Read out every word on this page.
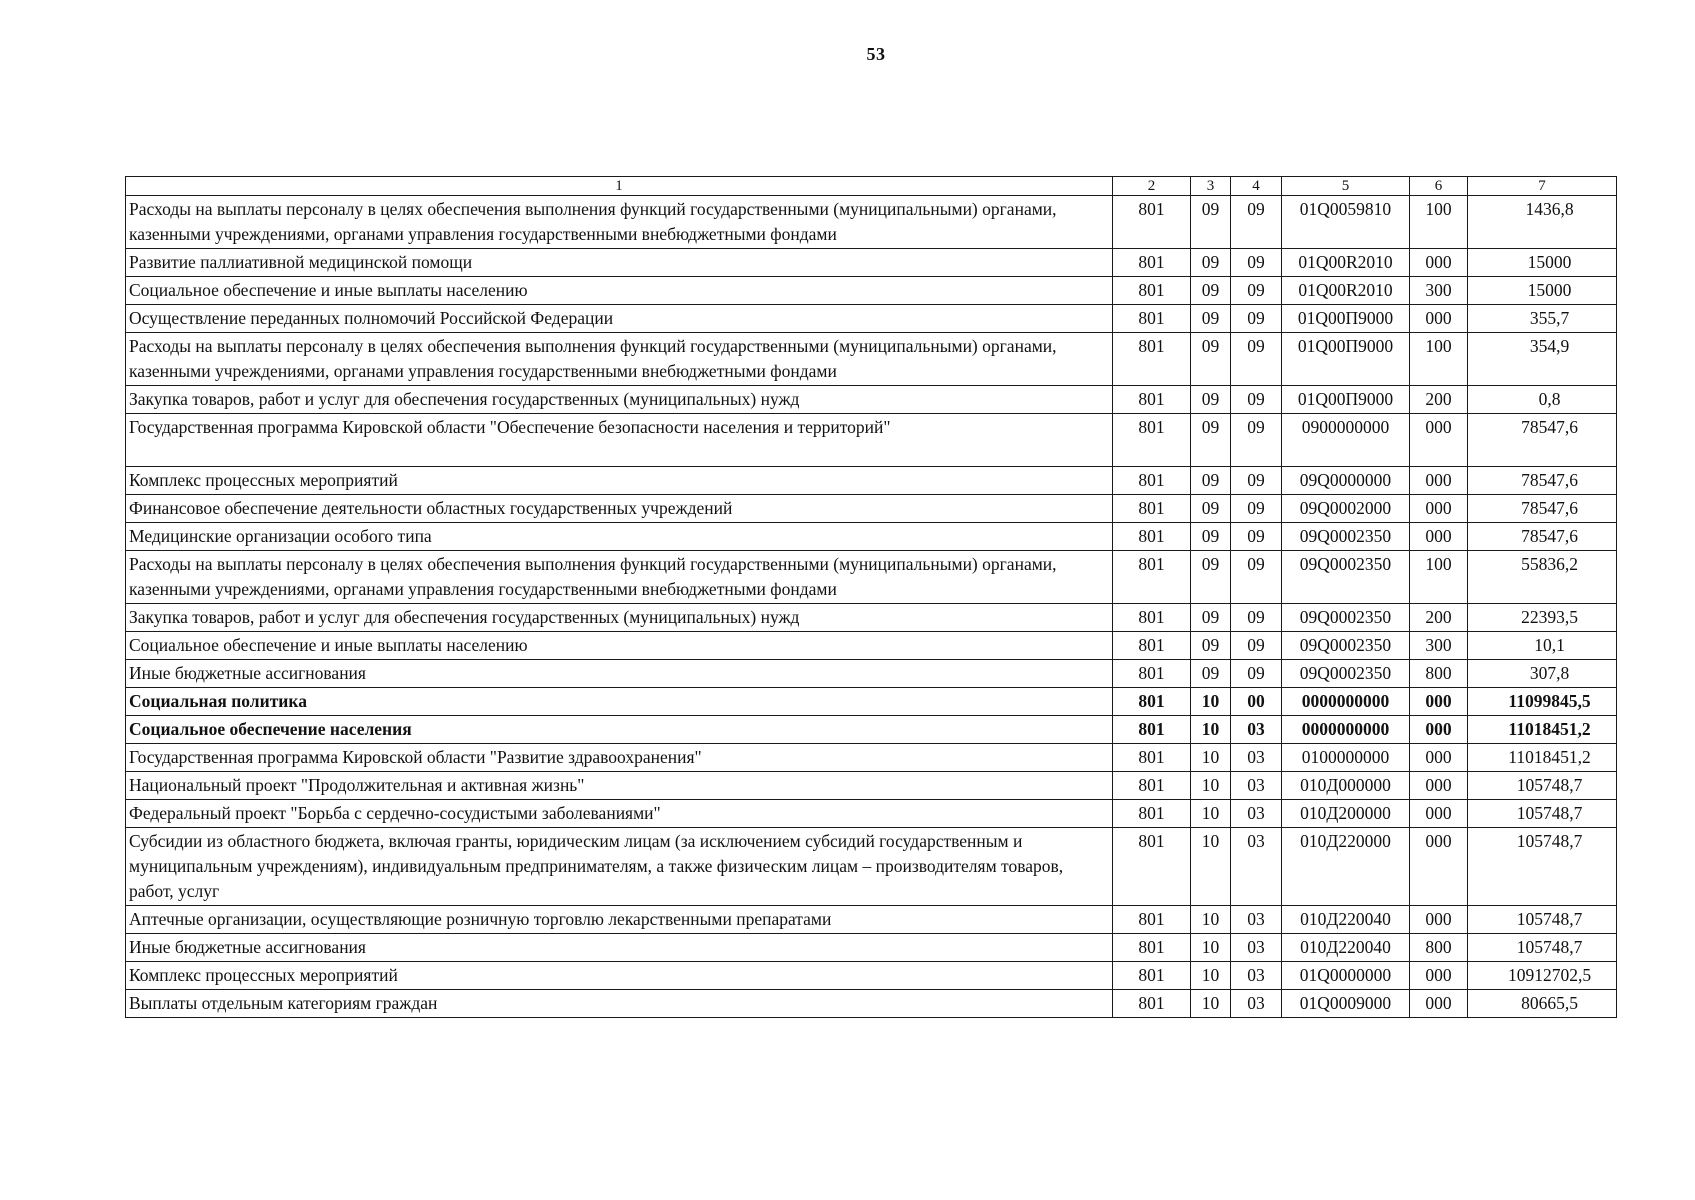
53
1	2	3	4	5	6	7
Расходы на выплаты персоналу в целях обеспечения выполнения функций государственными (муниципальными) органами, казенными учреждениями, органами управления государственными внебюджетными фондами	801	09	09	01Q0059810	100	1436,8
Развитие паллиативной медицинской помощи	801	09	09	01Q00R2010	000	15000
Социальное обеспечение и иные выплаты населению	801	09	09	01Q00R2010	300	15000
Осуществление переданных полномочий Российской Федерации	801	09	09	01Q00П9000	000	355,7
Расходы на выплаты персоналу в целях обеспечения выполнения функций государственными (муниципальными) органами, казенными учреждениями, органами управления государственными внебюджетными фондами	801	09	09	01Q00П9000	100	354,9
Закупка товаров, работ и услуг для обеспечения государственных (муниципальных) нужд	801	09	09	01Q00П9000	200	0,8
Государственная программа Кировской области "Обеспечение безопасности населения и территорий"	801	09	09	0900000000	000	78547,6
Комплекс процессных мероприятий	801	09	09	09Q0000000	000	78547,6
Финансовое обеспечение деятельности областных государственных учреждений	801	09	09	09Q0002000	000	78547,6
Медицинские организации особого типа	801	09	09	09Q0002350	000	78547,6
Расходы на выплаты персоналу в целях обеспечения выполнения функций государственными (муниципальными) органами, казенными учреждениями, органами управления государственными внебюджетными фондами	801	09	09	09Q0002350	100	55836,2
Закупка товаров, работ и услуг для обеспечения государственных (муниципальных) нужд	801	09	09	09Q0002350	200	22393,5
Социальное обеспечение и иные выплаты населению	801	09	09	09Q0002350	300	10,1
Иные бюджетные ассигнования	801	09	09	09Q0002350	800	307,8
Социальная политика	801	10	00	0000000000	000	11099845,5
Социальное обеспечение населения	801	10	03	0000000000	000	11018451,2
Государственная программа Кировской области "Развитие здравоохранения"	801	10	03	0100000000	000	11018451,2
Национальный проект "Продолжительная и активная жизнь"	801	10	03	010Д000000	000	105748,7
Федеральный проект "Борьба с сердечно-сосудистыми заболеваниями"	801	10	03	010Д200000	000	105748,7
Субсидии из областного бюджета, включая гранты, юридическим лицам (за исключением субсидий государственным и муниципальным учреждениям), индивидуальным предпринимателям, а также физическим лицам – производителям товаров, работ, услуг	801	10	03	010Д220000	000	105748,7
Аптечные организации, осуществляющие розничную торговлю лекарственными препаратами	801	10	03	010Д220040	000	105748,7
Иные бюджетные ассигнования	801	10	03	010Д220040	800	105748,7
Комплекс процессных мероприятий	801	10	03	01Q0000000	000	10912702,5
Выплаты отдельным категориям граждан	801	10	03	01Q0009000	000	80665,5
